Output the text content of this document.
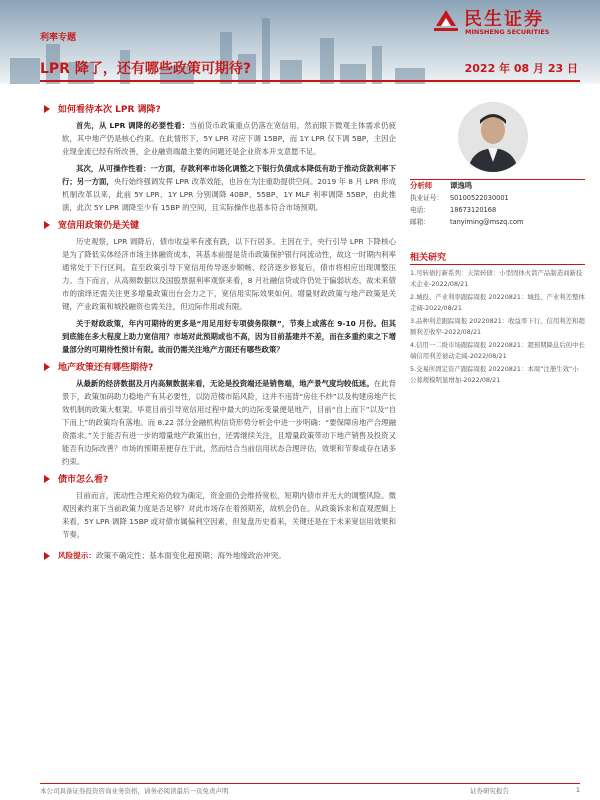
民生证券
MINSHENG SECURITIES
利率专题
LPR 降了，还有哪些政策可期待?	2022 年 08 月 23 日
如何看待本次 LPR 调降?

首先，从 LPR 调降的必要性看：当前货币政策重点仍落在宽信用，然而眼下微观主体需求仍疲软，其中地产仍是核心约束。在此情形下，5Y LPR 对应下调 15BP，而 1Y LPR 仅下调 5BP，主因企业现金流已经有所改善，企业融资端最主要的问题还是企业资本开支意愿不足。

其次，从可操作性看：一方面，存款利率市场化调整之下银行负债成本降低有助于推动贷款利率下行；另一方面，央行始终强调发挥 LPR 改革效能，也旨在为注重助提供空间。2019 年 8 月 LPR 形成机制改革以来，此前 5Y LPR、1Y LPR 分别调降 40BP、55BP，1Y MLF 利率调降 55BP，由此推演，此次 5Y LPR 调降至少有 15BP 的空间，且实际操作也基本符合市场预期。

宽信用政策仍是关键

历史观察，LPR 调降后，债市收益率有涨有跌，以下行居多。主因在于，央行引导 LPR 下降核心是为了降低实体经济市场主体融资成本，其基本前提是货币政策保护银行间流动性，故这一时期内利率通常处于下行区间。直至政策引导下宽信用传导逐步顺畅、经济逐步修复后，债市将相应出现调整压力。当下而言，从高频数据以及国股票据利率观察来看，8 月社融信贷或许仍处于偏弱状态，故未来债市的演绎还需关注更多增量政策出台会力之下，宽信用实际效果如何。增量财政政策与地产政策是关键，产业政策和城投融资也需关注，但边际作用或有限。

关于财政政策，年内可期待的更多是“用足用好专项债务限额”，节奏上或落在 9-10 月份。但其到底能在多大程度上助力宽信用？市场对此预期或也不高，因为目前基建并不差，而在多重约束之下增量部分的可期待性预计有限。故而仍需关注地产方面还有哪些政策？

地产政策还有哪些期待?

从最新的经济数据及月内高频数据来看，无论是投资端还是销售端，地产景气度均较低迷。在此背景下，政策加码助力稳地产有其必要性，以防范楼市陷风险，这并不违背“房住不炒”以及构建房地产长效机制的政策大框架。毕竟目前引导宽信用过程中最大的边际变量便是地产，目前“自上而下”以及“自下而上”的政策均有落地。而 8.22 部分金融机构信贷形势分析会中进一步明确：“要保障房地产合理融资需求。”关于能否有进一步的增量地产政策出台，还需继续关注，且增量政策带动下地产销售及投资又能否有边际改善？市场的预期差便存在于此，然而结合当前信用状态合理评估，效果和节奏或存在诸多约束。

债市怎么看?

目前而言，流动性合理充裕仍较为确定，资金面仍会维持宽松，短期内债市并无大的调整风险。微观因素约束下当前政策力度是否足够？对此市场存在着预期差，故机会仍在。从政策诉求和直观逻辑上来看，5Y LPR 调降 15BP 或对债市属偏利空因素，但复盘历史看来，关键还是在于未来宽信用效果和节奏。

风险提示： 政策不确定性；基本面变化超预期；海外地缘政治冲突。
分析师	谭逸鸣
执业证号：	S0100522030001
电话：	18673120168
邮箱：	tanyiming@mszq.com
相关研究
1.可转债打新系列：天箭转债：小型固体火箭产品制造商新技术企业-2022/08/21
2.城投、产业利率跟踪周报 20220821：城投、产业利差整体走阔-2022/08/21
3.品种利差跟踪周报 20220821：收益率下行，信用利差和超额利差收窄-2022/08/21
4.信用一二级市场跟踪周报 20220821：超预期降息后的中长端信用利差被动走阔-2022/08/21
5.交易所固定资产跟踪周报 20220821：本周“注册生效”小公募规模明显增加-2022/08/21
本公司具备证券投资咨询业务资格，请务必阅读最后一页免责声明	证券研究报告	1
